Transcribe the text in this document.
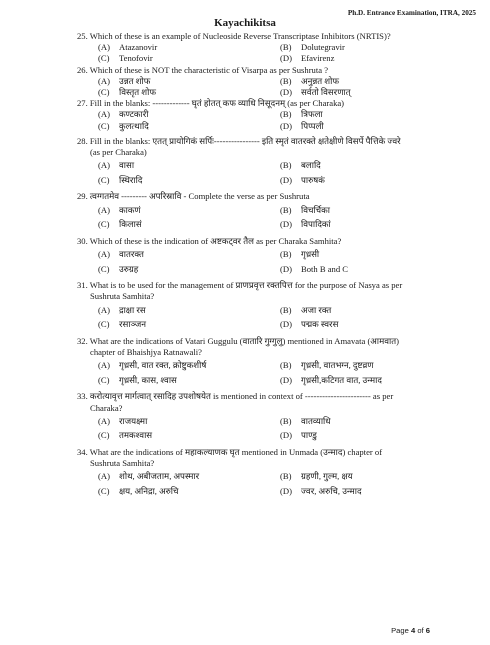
Ph.D. Entrance Examination, ITRA, 2025
Kayachikitsa
25. Which of these is an example of Nucleoside Reverse Transcriptase Inhibitors (NRTIS)?
(A)	Atazanovir	(B)	Dolutegravir
(C)	Tenofovir	(D)	Efavirenz
26. Which of these is NOT the characteristic of Visarpa as per Sushruta ?
(A)	उन्नत शोफ	(B)	अनुन्नत शोफ
(C)	विस्तृत शोफ	(D)	सर्वतो विसरणात्
27. Fill in the blanks: ------------- घृतं होतत् कफ व्याधि निसूदनम् (as per Charaka)
(A)	कण्टकारी	(B)	त्रिफला
(C)	कुलत्थादि	(D)	पिप्पली
28. Fill in the blanks: एतत् प्रायोगिकं सर्पिः---------------- इति स्मृतं वातरक्ते क्षतेक्षीणे विसर्पे पैत्तिके ज्वरे
(as per Charaka)
(A)	वासा	(B)	बलादि
(C)	स्थिरादि	(D)	पारुषकं
29. त्वग्गतमेव --------- अपरिस्रावि - Complete the verse as per Sushruta
(A)	काकणं	(B)	विचर्चिका
(C)	किलासं	(D)	विपादिकां
30. Which of these is the indication of अष्टकट्वर तैल as per Charaka Samhita?
(A)	वातरक्त	(B)	गृध्रसी
(C)	उरुग्रह	(D)	Both B and C
31. What is to be used for the management of प्राणप्रवृत्त रक्तपित्त for the purpose of Nasya as per
Sushruta Samhita?
(A)	द्राक्षा रस	(B)	अजा रक्त
(C)	रसाञ्जन	(D)	पद्मक स्वरस
32. What are the indications of Vatari Guggulu (वातारि गुग्गुलु) mentioned in Amavata (आमवात)
chapter of Bhaishjya Ratnawali?
(A)	गृध्रसी, वात रक्त, क्रोष्टुकशीर्ष	(B)	गृध्रसी, वातभग्न, दुष्टव्रण
(C)	गृध्रसी, कास, श्वास	(D)	गृध्रसी,कटिगत वात, उन्माद
33. करोत्यावृत्त मार्गत्वात् रसादिह उपशोषयेत is mentioned in context of ----------------------- as per
Charaka?
(A)	राजयक्ष्मा	(B)	वातव्याधि
(C)	तमकश्वास	(D)	पाण्डु
34. What are the indications of महाकल्याणक घृत mentioned in Unmada (उन्माद) chapter of
Sushruta Samhita?
(A)	शोथ, अबीजताम, अपस्मार	(B)	ग्रहणी, गुल्म, क्षय
(C)	क्षय, अनिद्रा, अरुचि	(D)	ज्वर, अरुचि, उन्माद
Page 4 of 6
